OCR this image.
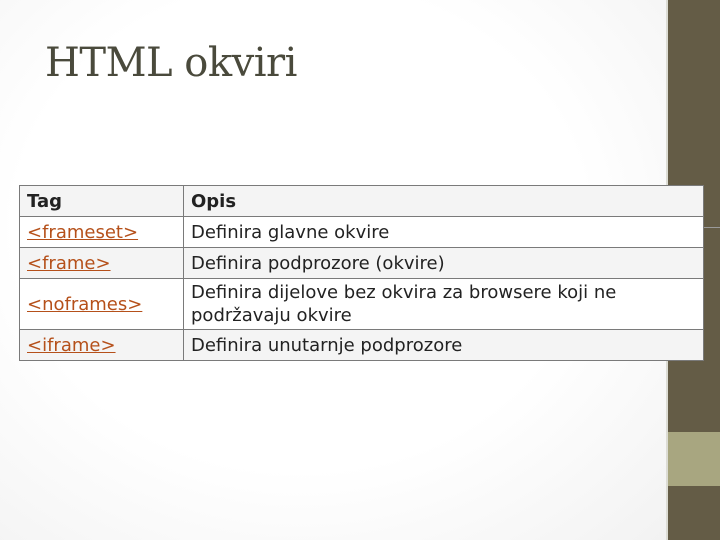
HTML okviri
Tag	Opis
<frameset>	Definira glavne okvire
<frame>	Definira podprozore (okvire)
<noframes>	Definira dijelove bez okvira za browsere koji ne podržavaju okvire
<iframe>	Definira unutarnje podprozore
